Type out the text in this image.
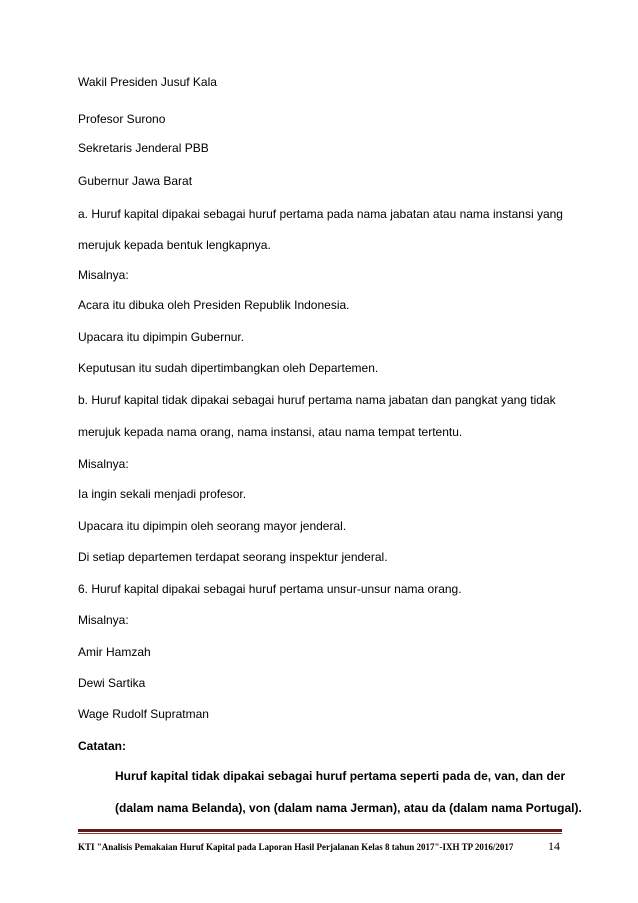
Wakil Presiden Jusuf Kala
Profesor Surono
Sekretaris Jenderal PBB
Gubernur Jawa Barat
a. Huruf kapital dipakai sebagai huruf pertama pada nama jabatan atau nama instansi yang
merujuk kepada bentuk lengkapnya.
Misalnya:
Acara itu dibuka oleh Presiden Republik Indonesia.
Upacara itu dipimpin Gubernur.
Keputusan itu sudah dipertimbangkan oleh Departemen.
b. Huruf kapital tidak dipakai sebagai huruf pertama nama jabatan dan pangkat yang tidak
merujuk kepada nama orang, nama instansi, atau nama tempat tertentu.
Misalnya:
Ia ingin sekali menjadi profesor.
Upacara itu dipimpin oleh seorang mayor jenderal.
Di setiap departemen terdapat seorang inspektur jenderal.
6. Huruf kapital dipakai sebagai huruf pertama unsur-unsur nama orang.
Misalnya:
Amir Hamzah
Dewi Sartika
Wage Rudolf Supratman
Catatan:
Huruf kapital tidak dipakai sebagai huruf pertama seperti pada de, van, dan der
(dalam nama Belanda), von (dalam nama Jerman), atau da (dalam nama Portugal).
KTI "Analisis Pemakaian Huruf Kapital pada Laporan Hasil Perjalanan Kelas 8 tahun 2017"-IXH TP 2016/2017	14
